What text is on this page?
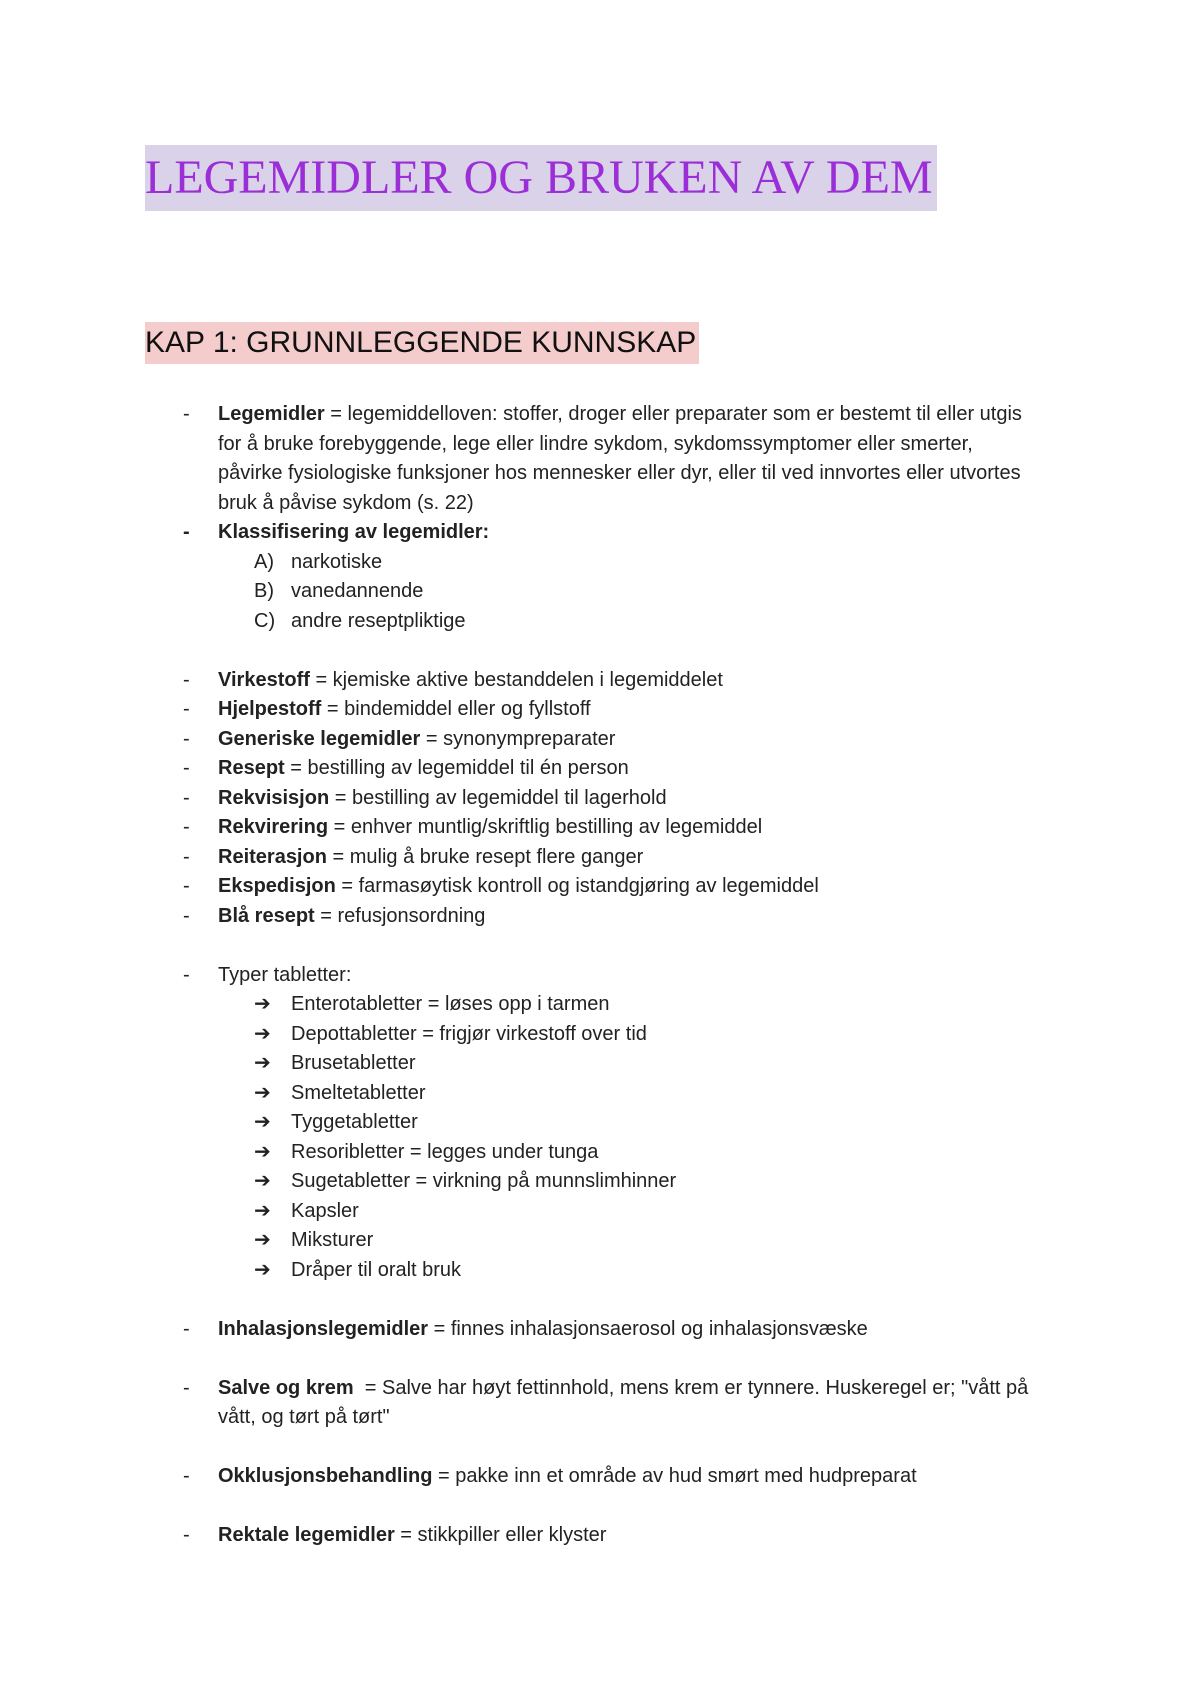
LEGEMIDLER OG BRUKEN AV DEM
KAP 1: GRUNNLEGGENDE KUNNSKAP
- Legemidler = legemiddelloven: stoffer, droger eller preparater som er bestemt til eller utgis for å bruke forebyggende, lege eller lindre sykdom, sykdomssymptomer eller smerter, påvirke fysiologiske funksjoner hos mennesker eller dyr, eller til ved innvortes eller utvortes bruk å påvise sykdom (s. 22)
- Klassifisering av legemidler:
A) narkotiske
B) vanedannende
C) andre reseptpliktige
- Virkestoff = kjemiske aktive bestanddelen i legemiddelet
- Hjelpestoff = bindemiddel eller og fyllstoff
- Generiske legemidler = synonympreparater
- Resept = bestilling av legemiddel til én person
- Rekvisisjon = bestilling av legemiddel til lagerhold
- Rekvirering = enhver muntlig/skriftlig bestilling av legemiddel
- Reiterasjon = mulig å bruke resept flere ganger
- Ekspedisjon = farmasøytisk kontroll og istandgjøring av legemiddel
- Blå resept = refusjonsordning
- Typer tabletter:
➔ Enterotabletter = løses opp i tarmen
➔ Depottabletter = frigjør virkestoff over tid
➔ Brusetabletter
➔ Smeltetabletter
➔ Tyggetabletter
➔ Resoribletter = legges under tunga
➔ Sugetabletter = virkning på munnslimhinner
➔ Kapsler
➔ Miksturer
➔ Dråper til oralt bruk
- Inhalasjonslegemidler = finnes inhalasjonsaerosol og inhalasjonsvæske
- Salve og krem  = Salve har høyt fettinnhold, mens krem er tynnere. Huskeregel er; "vått på vått, og tørt på tørt"
- Okklusjonsbehandling = pakke inn et område av hud smørt med hudpreparat
- Rektale legemidler = stikkpiller eller klyster
